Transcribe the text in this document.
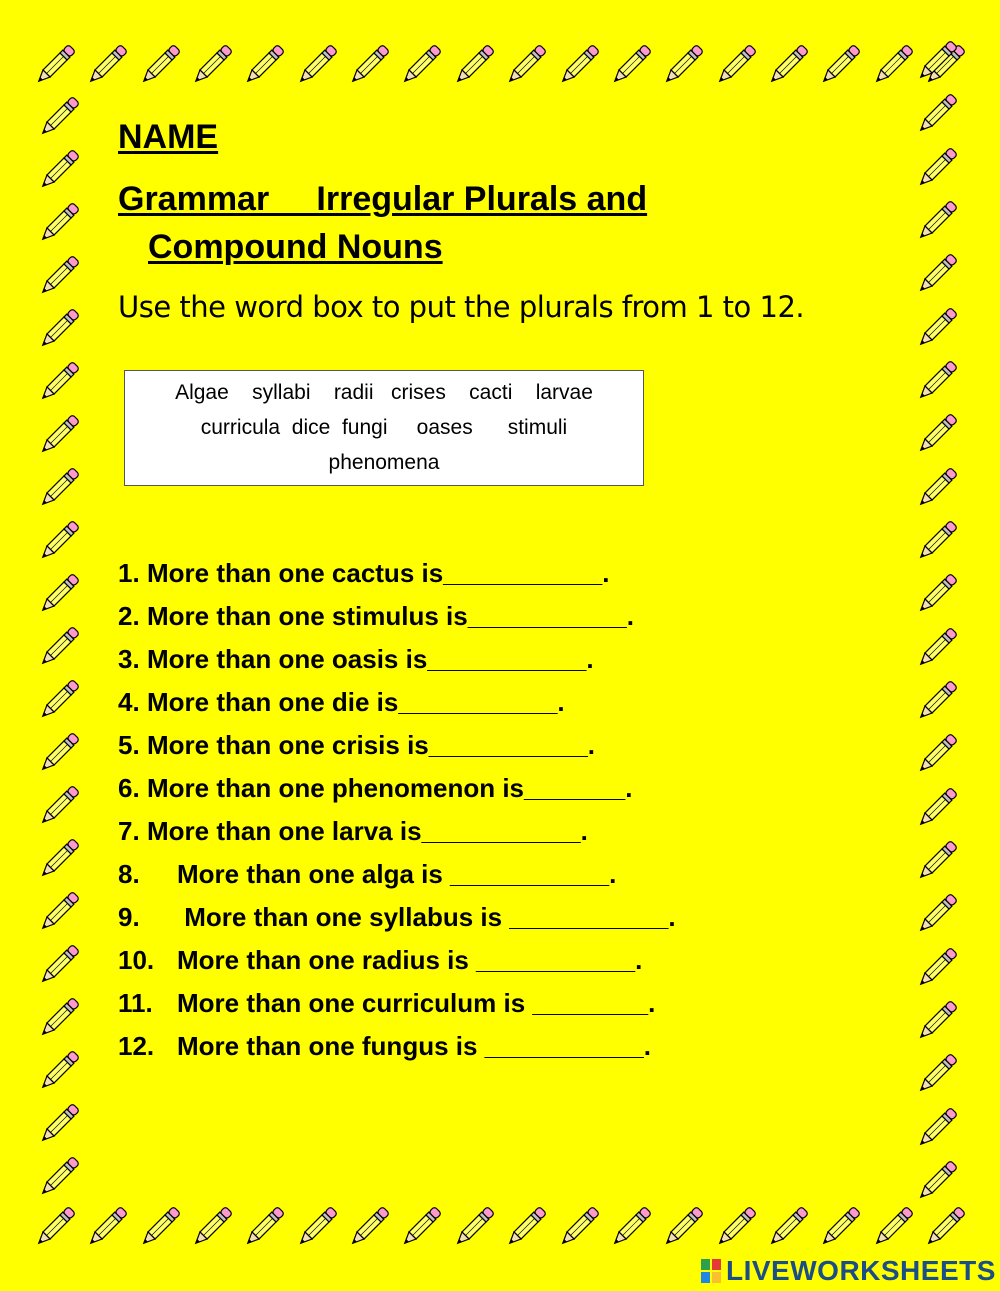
NAME
Grammar     Irregular Plurals and
Compound Nouns

Use the word box to put the plurals from 1 to 12.

Algae    syllabi    radii   crises    cacti    larvae
curricula  dice  fungi     oases      stimuli
phenomena
1. More than one cactus is___________.
2. More than one stimulus is___________.
3. More than one oasis is___________.
4. More than one die is___________.
5. More than one crisis is___________.
6. More than one phenomenon is_______.
7. More than one larva is___________.
8. More than one alga is ___________.
9. More than one syllabus is ___________.
10. More than one radius is ___________.
11. More than one curriculum is ________.
12. More than one fungus is ___________.
LIVEWORKSHEETS
